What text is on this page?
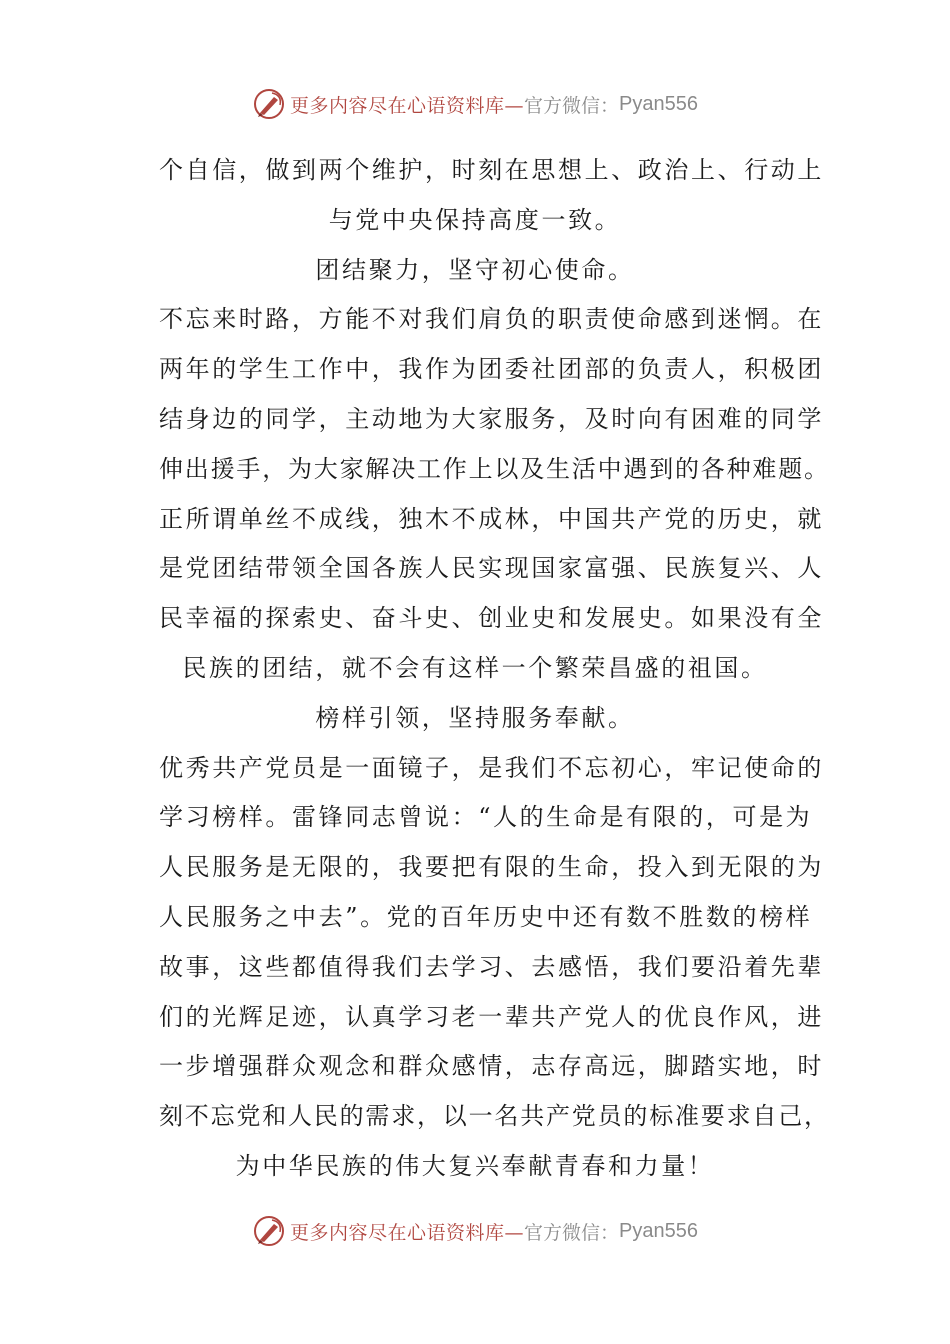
更多内容尽在心语资料库— 官方微信： Pyan556
个自信，做到两个维护，时刻在思想上、政治上、行动上
与党中央保持高度一致。
团结聚力，坚守初心使命。
不忘来时路，方能不对我们肩负的职责使命感到迷惘。在
两年的学生工作中，我作为团委社团部的负责人，积极团
结身边的同学，主动地为大家服务，及时向有困难的同学
伸出援手，为大家解决工作上以及生活中遇到的各种难题。
正所谓单丝不成线，独木不成林，中国共产党的历史，就
是党团结带领全国各族人民实现国家富强、民族复兴、人
民幸福的探索史、奋斗史、创业史和发展史。如果没有全
民族的团结，就不会有这样一个繁荣昌盛的祖国。
榜样引领，坚持服务奉献。
优秀共产党员是一面镜子，是我们不忘初心，牢记使命的
学习榜样。雷锋同志曾说：“人的生命是有限的，可是为
人民服务是无限的，我要把有限的生命，投入到无限的为
人民服务之中去”。党的百年历史中还有数不胜数的榜样
故事，这些都值得我们去学习、去感悟，我们要沿着先辈
们的光辉足迹，认真学习老一辈共产党人的优良作风，进
一步增强群众观念和群众感情，志存高远，脚踏实地，时
刻不忘党和人民的需求，以一名共产党员的标准要求自己，
为中华民族的伟大复兴奉献青春和力量！
更多内容尽在心语资料库— 官方微信： Pyan556
